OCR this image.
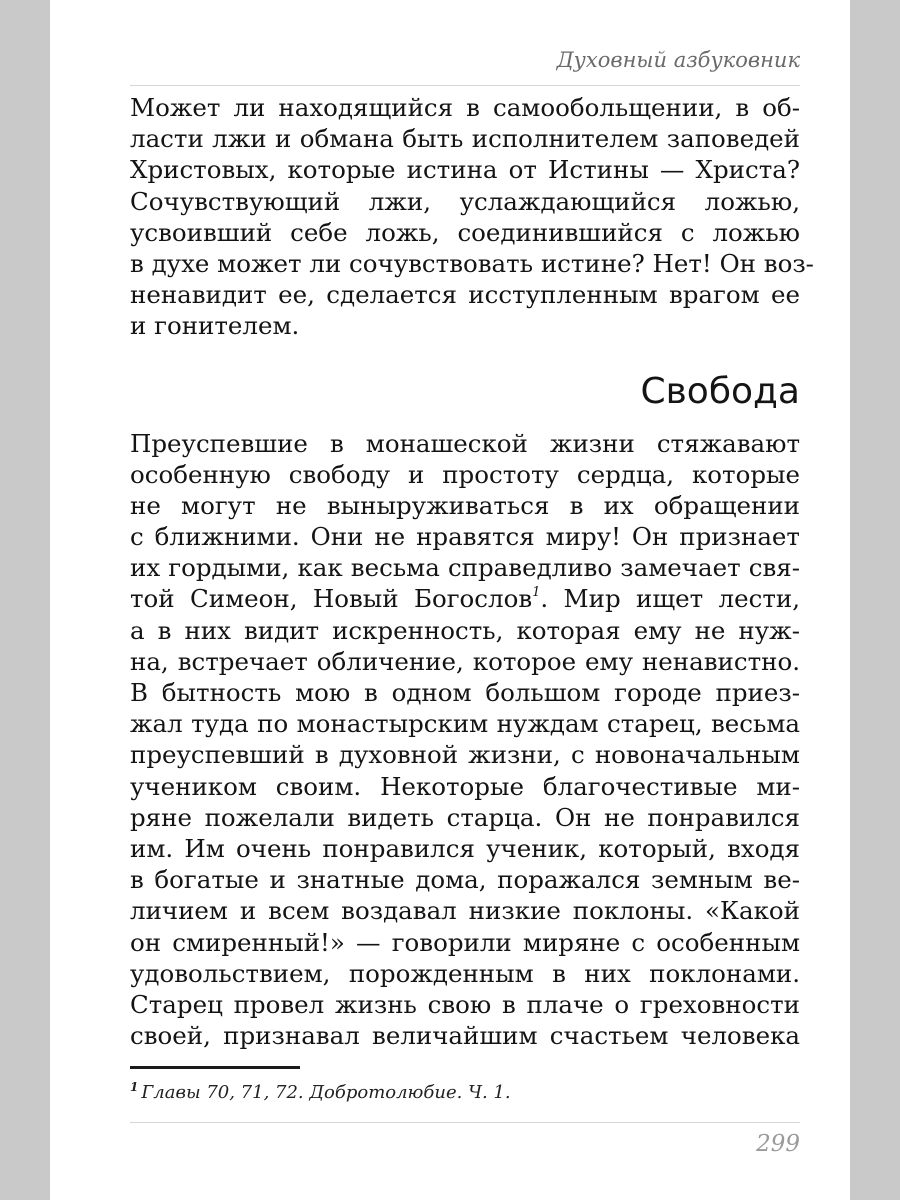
Духовный азбуковник
Может ли находящийся в самообольщении, в об-
ласти лжи и обмана быть исполнителем заповедей
Христовых, которые истина от Истины — Христа?
Сочувствующий лжи, услаждающийся ложью,
усвоивший себе ложь, соединившийся с ложью
в духе может ли сочувствовать истине? Нет! Он воз-
ненавидит ее, сделается исступленным врагом ее
и гонителем.
Свобода
Преуспевшие в монашеской жизни стяжавают
особенную свободу и простоту сердца, которые
не могут не выныруживаться в их обращении
с ближними. Они не нравятся миру! Он признает
их гордыми, как весьма справедливо замечает свя-
той Симеон, Новый Богослов$^1$. Мир ищет лести,
а в них видит искренность, которая ему не нуж-
на, встречает обличение, которое ему ненавистно.
В бытность мою в одном большом городе приез-
жал туда по монастырским нуждам старец, весьма
преуспевший в духовной жизни, с новоначальным
учеником своим. Некоторые благочестивые ми-
ряне пожелали видеть старца. Он не понравился
им. Им очень понравился ученик, который, входя
в богатые и знатные дома, поражался земным ве-
личием и всем воздавал низкие поклоны. «Какой
он смиренный!» — говорили миряне с особенным
удовольствием, порожденным в них поклонами.
Старец провел жизнь свою в плаче о греховности
своей, признавал величайшим счастьем человека
$^1$ Главы 70, 71, 72. Добротолюбие. Ч. 1.
299
